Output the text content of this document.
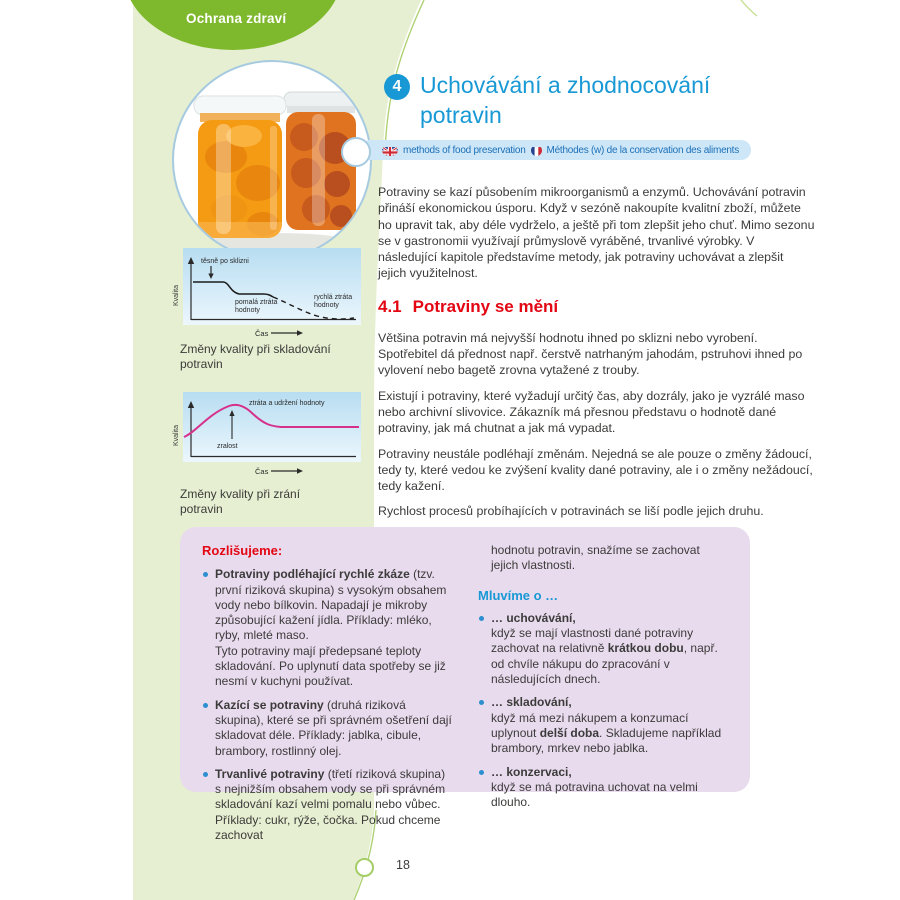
Ochrana zdraví
4 Uchovávání a zhodnocování
potravin
methods of food preservation Méthodes (w) de la conservation des aliments

Potraviny se kazí působením mikroorganismů a enzymů. Uchovávání potravin přináší ekonomickou úsporu. Když v sezóně nakoupíte kvalitní zboží, můžete ho upravit tak, aby déle vydrželo, a ještě při tom zlepšit jeho chuť. Mimo sezonu se v gastronomii využívají průmyslově vyráběné, trvanlivé výrobky. V následující kapitole představíme metody, jak potraviny uchovávat a zlepšit jejich využitelnost.

4.1 Potraviny se mění

Většina potravin má nejvyšší hodnotu ihned po sklizni nebo vyrobení. Spotřebitel dá přednost např. čerstvě natrhaným jahodám, pstruhovi ihned po vylovení nebo bagetě zrovna vytažené z trouby.

Existují i potraviny, které vyžadují určitý čas, aby dozrály, jako je vyzrálé maso nebo archivní slivovice. Zákazník má přesnou představu o hodnotě dané potraviny, jak má chutnat a jak má vypadat.

Potraviny neustále podléhají změnám. Nejedná se ale pouze o změny žádoucí, tedy ty, které vedou ke zvýšení kvality dané potraviny, ale i o změny nežádoucí, tedy kažení.

Rychlost procesů probíhajících v potravinách se liší podle jejich druhu.

Kvalita
těsně po sklizni
pomalá ztráta
hodnoty
rychlá ztráta
hodnoty
Čas
Změny kvality při skladování
potravin
Kvalita
ztráta a udržení hodnoty
zralost
Čas
Změny kvality při zrání
potravin
Rozlišujeme:
Potraviny podléhající rychlé zkáze (tzv. první riziková skupina) s vysokým obsahem vody nebo bílkovin. Napadají je mikroby způsobující kažení jídla. Příklady: mléko, ryby, mleté maso.
Tyto potraviny mají předepsané teploty skladování. Po uplynutí data spotřeby se již nesmí v kuchyni používat.
Kazící se potraviny (druhá riziková skupina), které se při správném ošetření dají skladovat déle. Příklady: jablka, cibule, brambory, rostlinný olej.
Trvanlivé potraviny (třetí riziková skupina) s nejnižším obsahem vody se při správném skladování kazí velmi pomalu nebo vůbec. Příklady: cukr, rýže, čočka. Pokud chceme zachovat

hodnotu potravin, snažíme se zachovat jejich vlastnosti.

Mluvíme o …
… uchovávání,
když se mají vlastnosti dané potraviny zachovat na relativně krátkou dobu, např. od chvíle nákupu do zpracování v následujících dnech.
… skladování,
když má mezi nákupem a konzumací uplynout delší doba. Skladujeme například brambory, mrkev nebo jablka.
… konzervaci,
když se má potravina uchovat na velmi dlouho.
18
